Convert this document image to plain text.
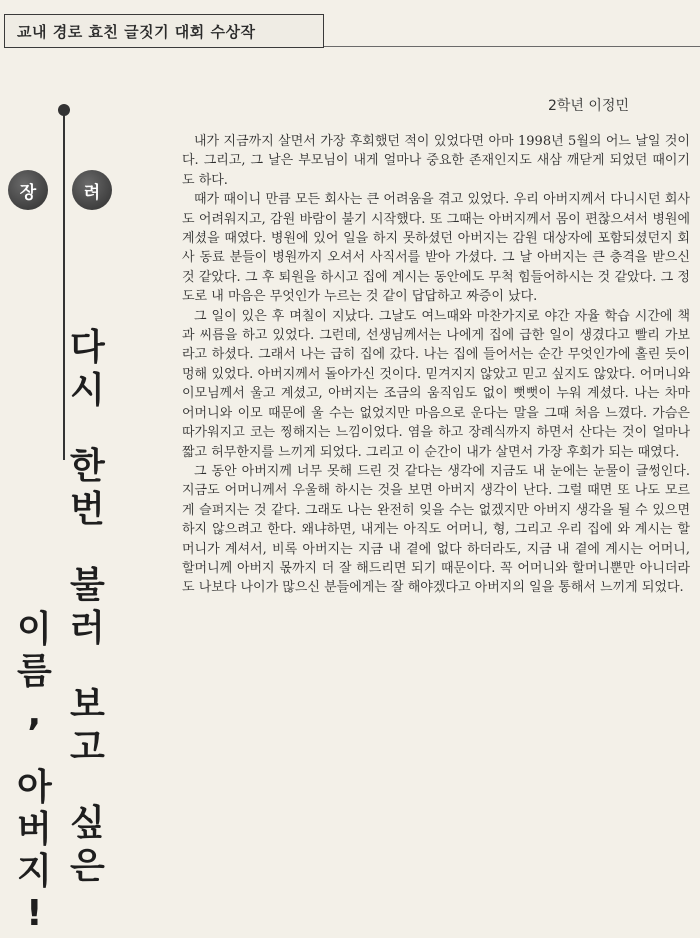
교내 경로 효친 글짓기 대회 수상작
2학년 이정민
장	려
다
시
한
번
불
러
보
고
싶
은
이
름
,
아
버
지
!

내가 지금까지 살면서 가장 후회했던 적이 있었다면 아마 1998년 5월의 어느 날일 것이다. 그리고, 그 날은 부모님이 내게 얼마나 중요한 존재인지도 새삼 깨닫게 되었던 때이기도 하다.

때가 때이니 만큼 모든 회사는 큰 어려움을 겪고 있었다. 우리 아버지께서 다니시던 회사도 어려워지고, 감원 바람이 불기 시작했다. 또 그때는 아버지께서 몸이 편찮으셔서 병원에 계셨을 때였다. 병원에 있어 일을 하지 못하셨던 아버지는 감원 대상자에 포함되셨던지 회사 동료 분들이 병원까지 오셔서 사직서를 받아 가셨다. 그 날 아버지는 큰 충격을 받으신 것 같았다. 그 후 퇴원을 하시고 집에 계시는 동안에도 무척 힘들어하시는 것 같았다. 그 정도로 내 마음은 무엇인가 누르는 것 같이 답답하고 짜증이 났다.

그 일이 있은 후 며칠이 지났다. 그날도 여느때와 마찬가지로 야간 자율 학습 시간에 책과 씨름을 하고 있었다. 그런데, 선생님께서는 나에게 집에 급한 일이 생겼다고 빨리 가보라고 하셨다. 그래서 나는 급히 집에 갔다. 나는 집에 들어서는 순간 무엇인가에 홀린 듯이 멍해 있었다. 아버지께서 돌아가신 것이다. 믿겨지지 않았고 믿고 싶지도 않았다. 어머니와 이모님께서 울고 계셨고, 아버지는 조금의 움직임도 없이 뻣뻣이 누워 계셨다. 나는 차마 어머니와 이모 때문에 울 수는 없었지만 마음으로 운다는 말을 그때 처음 느꼈다. 가슴은 따가워지고 코는 찡해지는 느낌이었다. 염을 하고 장례식까지 하면서 산다는 것이 얼마나 짧고 허무한지를 느끼게 되었다. 그리고 이 순간이 내가 살면서 가장 후회가 되는 때였다.

그 동안 아버지께 너무 못해 드린 것 같다는 생각에 지금도 내 눈에는 눈물이 글썽인다. 지금도 어머니께서 우울해 하시는 것을 보면 아버지 생각이 난다. 그럴 때면 또 나도 모르게 슬퍼지는 것 같다. 그래도 나는 완전히 잊을 수는 없겠지만 아버지 생각을 될 수 있으면 하지 않으려고 한다. 왜냐하면, 내게는 아직도 어머니, 형, 그리고 우리 집에 와 계시는 할머니가 계셔서, 비록 아버지는 지금 내 곁에 없다 하더라도, 지금 내 곁에 계시는 어머니, 할머니께 아버지 몫까지 더 잘 해드리면 되기 때문이다. 꼭 어머니와 할머니뿐만 아니더라도 나보다 나이가 많으신 분들에게는 잘 해야겠다고 아버지의 일을 통해서 느끼게 되었다.
